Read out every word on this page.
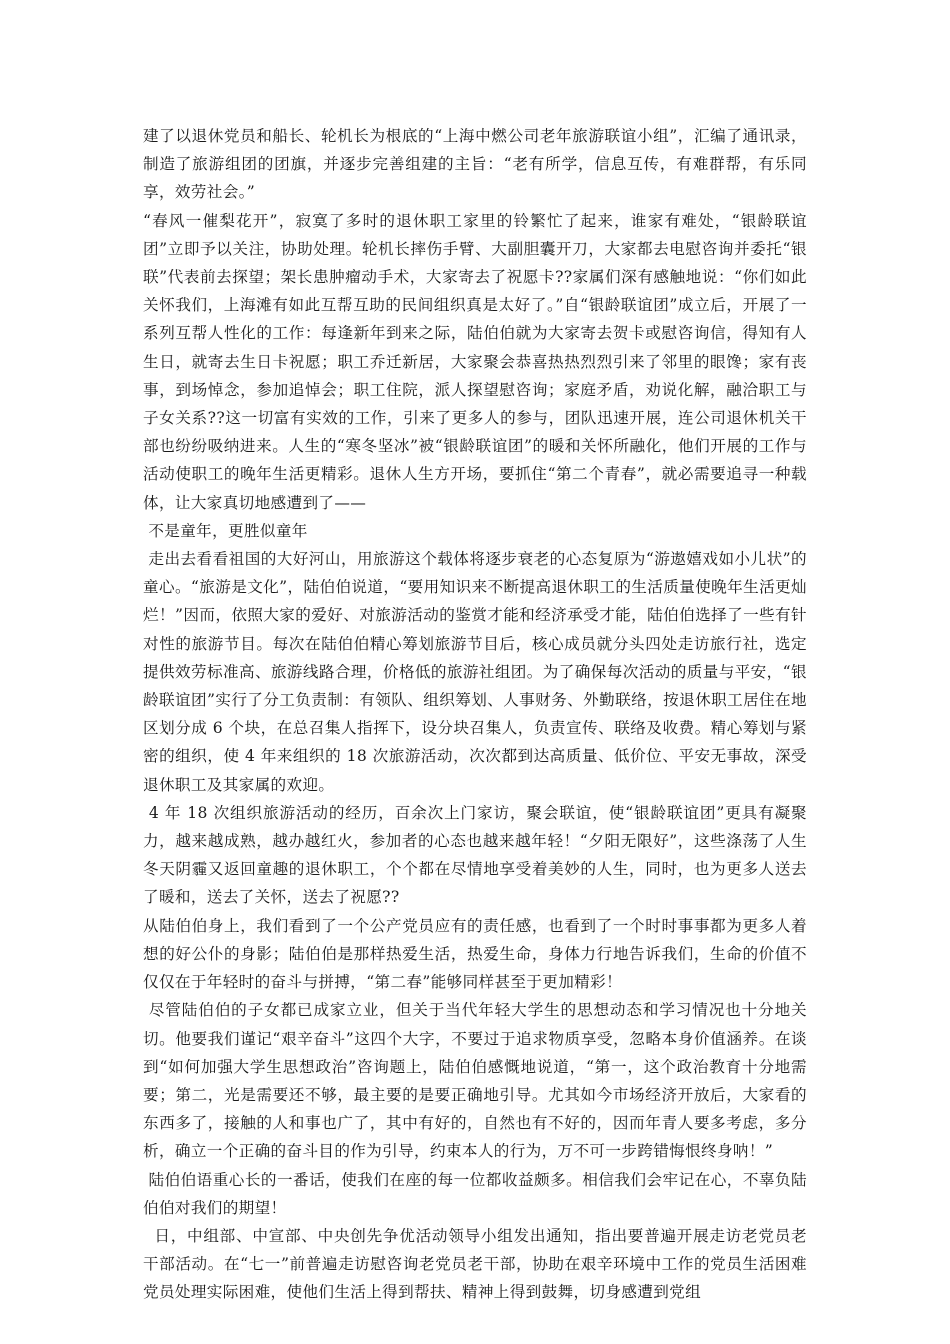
建了以退休党员和船长、轮机长为根底的“上海中燃公司老年旅游联谊小组”，汇编了通讯录，制造了旅游组团的团旗，并逐步完善组建的主旨：“老有所学，信息互传，有难群帮，有乐同享，效劳社会。”

“春风一催梨花开”，寂寞了多时的退休职工家里的铃繁忙了起来，谁家有难处，“银龄联谊团”立即予以关注，协助处理。轮机长摔伤手臂、大副胆囊开刀，大家都去电慰咨询并委托“银联”代表前去探望；架长患肿瘤动手术，大家寄去了祝愿卡??家属们深有感触地说：“你们如此关怀我们，上海滩有如此互帮互助的民间组织真是太好了。”自“银龄联谊团”成立后，开展了一系列互帮人性化的工作：每逢新年到来之际，陆伯伯就为大家寄去贺卡或慰咨询信，得知有人生日，就寄去生日卡祝愿；职工乔迁新居，大家聚会恭喜热热烈烈引来了邻里的眼馋；家有丧事，到场悼念，参加追悼会；职工住院，派人探望慰咨询；家庭矛盾，劝说化解，融洽职工与子女关系??这一切富有实效的工作，引来了更多人的参与，团队迅速开展，连公司退休机关干部也纷纷吸纳进来。人生的“寒冬坚冰”被“银龄联谊团”的暖和关怀所融化，他们开展的工作与活动使职工的晚年生活更精彩。退休人生方开场，要抓住“第二个青春”，就必需要追寻一种载体，让大家真切地感遭到了——

不是童年，更胜似童年

走出去看看祖国的大好河山，用旅游这个载体将逐步衰老的心态复原为“游遨嬉戏如小儿状”的童心。“旅游是文化”，陆伯伯说道，“要用知识来不断提高退休职工的生活质量使晚年生活更灿烂！”因而，依照大家的爱好、对旅游活动的鉴赏才能和经济承受才能，陆伯伯选择了一些有针对性的旅游节目。每次在陆伯伯精心筹划旅游节目后，核心成员就分头四处走访旅行社，选定提供效劳标准高、旅游线路合理，价格低的旅游社组团。为了确保每次活动的质量与平安，“银龄联谊团”实行了分工负责制：有领队、组织筹划、人事财务、外勤联络，按退休职工居住在地区划分成 6 个块，在总召集人指挥下，设分块召集人，负责宣传、联络及收费。精心筹划与紧密的组织，使 4 年来组织的 18 次旅游活动，次次都到达高质量、低价位、平安无事故，深受退休职工及其家属的欢迎。

4 年 18 次组织旅游活动的经历，百余次上门家访，聚会联谊，使“银龄联谊团”更具有凝聚力，越来越成熟，越办越红火，参加者的心态也越来越年轻！“夕阳无限好”，这些涤荡了人生冬天阴霾又返回童趣的退休职工，个个都在尽情地享受着美妙的人生，同时，也为更多人送去了暖和，送去了关怀，送去了祝愿??

从陆伯伯身上，我们看到了一个公产党员应有的责任感，也看到了一个时时事事都为更多人着想的好公仆的身影；陆伯伯是那样热爱生活，热爱生命，身体力行地告诉我们，生命的价值不仅仅在于年轻时的奋斗与拼搏，“第二春”能够同样甚至于更加精彩！

尽管陆伯伯的子女都已成家立业，但关于当代年轻大学生的思想动态和学习情况也十分地关切。他要我们谨记“艰辛奋斗”这四个大字，不要过于追求物质享受，忽略本身价值涵养。在谈到“如何加强大学生思想政治”咨询题上，陆伯伯感慨地说道，“第一，这个政治教育十分地需要；第二，光是需要还不够，最主要的是要正确地引导。尤其如今市场经济开放后，大家看的东西多了，接触的人和事也广了，其中有好的，自然也有不好的，因而年青人要多考虑，多分析，确立一个正确的奋斗目的作为引导，约束本人的行为，万不可一步跨错悔恨终身呐！”

陆伯伯语重心长的一番话，使我们在座的每一位都收益颇多。相信我们会牢记在心，不辜负陆伯伯对我们的期望！

日，中组部、中宣部、中央创先争优活动领导小组发出通知，指出要普遍开展走访老党员老干部活动。在“七一”前普遍走访慰咨询老党员老干部，协助在艰辛环境中工作的党员生活困难党员处理实际困难，使他们生活上得到帮扶、精神上得到鼓舞，切身感遭到党组
